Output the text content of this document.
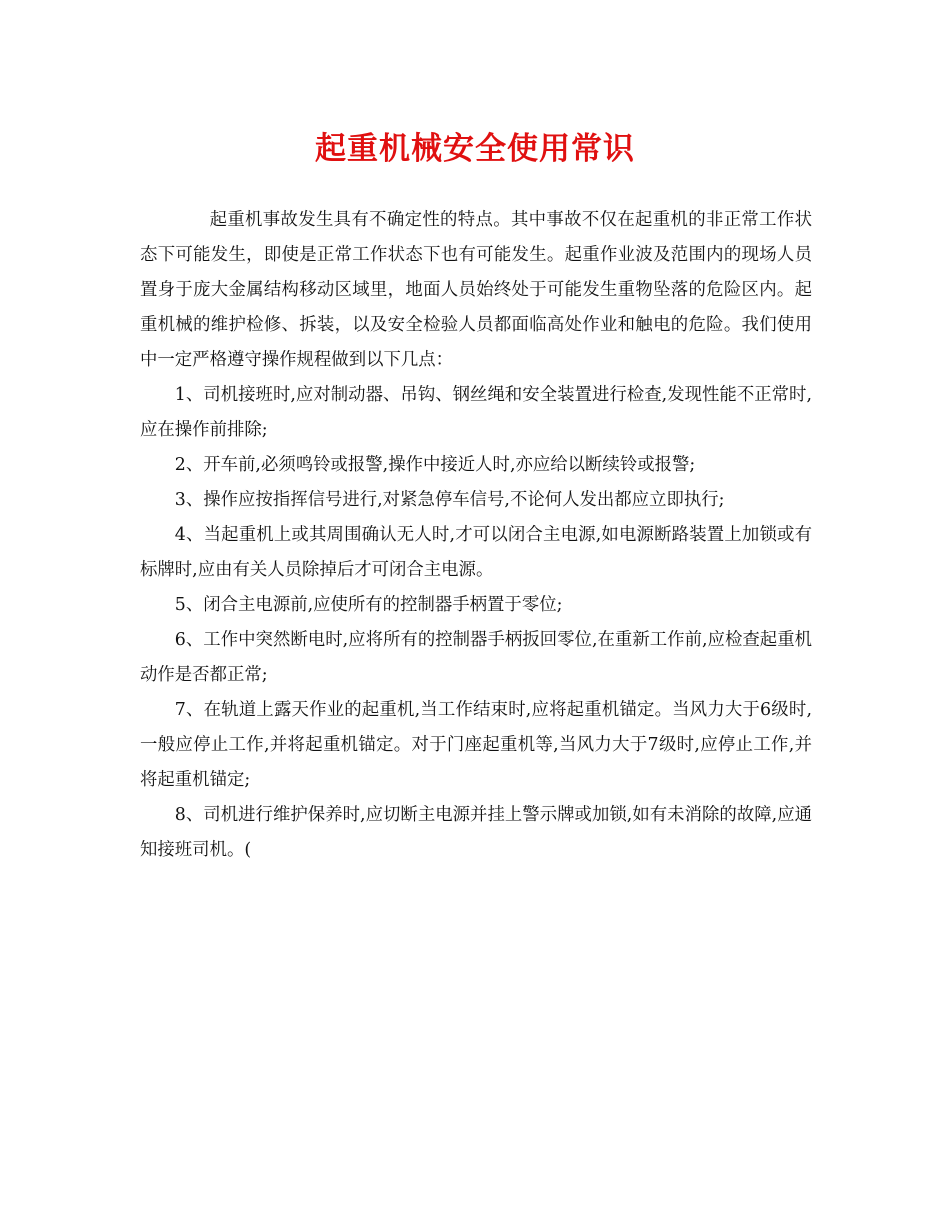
起重机械安全使用常识

起重机事故发生具有不确定性的特点。其中事故不仅在起重机的非正常工作状态下可能发生，即使是正常工作状态下也有可能发生。起重作业波及范围内的现场人员置身于庞大金属结构移动区域里，地面人员始终处于可能发生重物坠落的危险区内。起重机械的维护检修、拆装，以及安全检验人员都面临高处作业和触电的危险。我们使用中一定严格遵守操作规程做到以下几点：

1、司机接班时,应对制动器、吊钩、钢丝绳和安全装置进行检查,发现性能不正常时,应在操作前排除;

2、开车前,必须鸣铃或报警,操作中接近人时,亦应给以断续铃或报警;

3、操作应按指挥信号进行,对紧急停车信号,不论何人发出都应立即执行;

4、当起重机上或其周围确认无人时,才可以闭合主电源,如电源断路装置上加锁或有标牌时,应由有关人员除掉后才可闭合主电源。

5、闭合主电源前,应使所有的控制器手柄置于零位;

6、工作中突然断电时,应将所有的控制器手柄扳回零位,在重新工作前,应检查起重机动作是否都正常;

7、在轨道上露天作业的起重机,当工作结束时,应将起重机锚定。当风力大于6级时,一般应停止工作,并将起重机锚定。对于门座起重机等,当风力大于7级时,应停止工作,并将起重机锚定;

8、司机进行维护保养时,应切断主电源并挂上警示牌或加锁,如有未消除的故障,应通知接班司机。(
